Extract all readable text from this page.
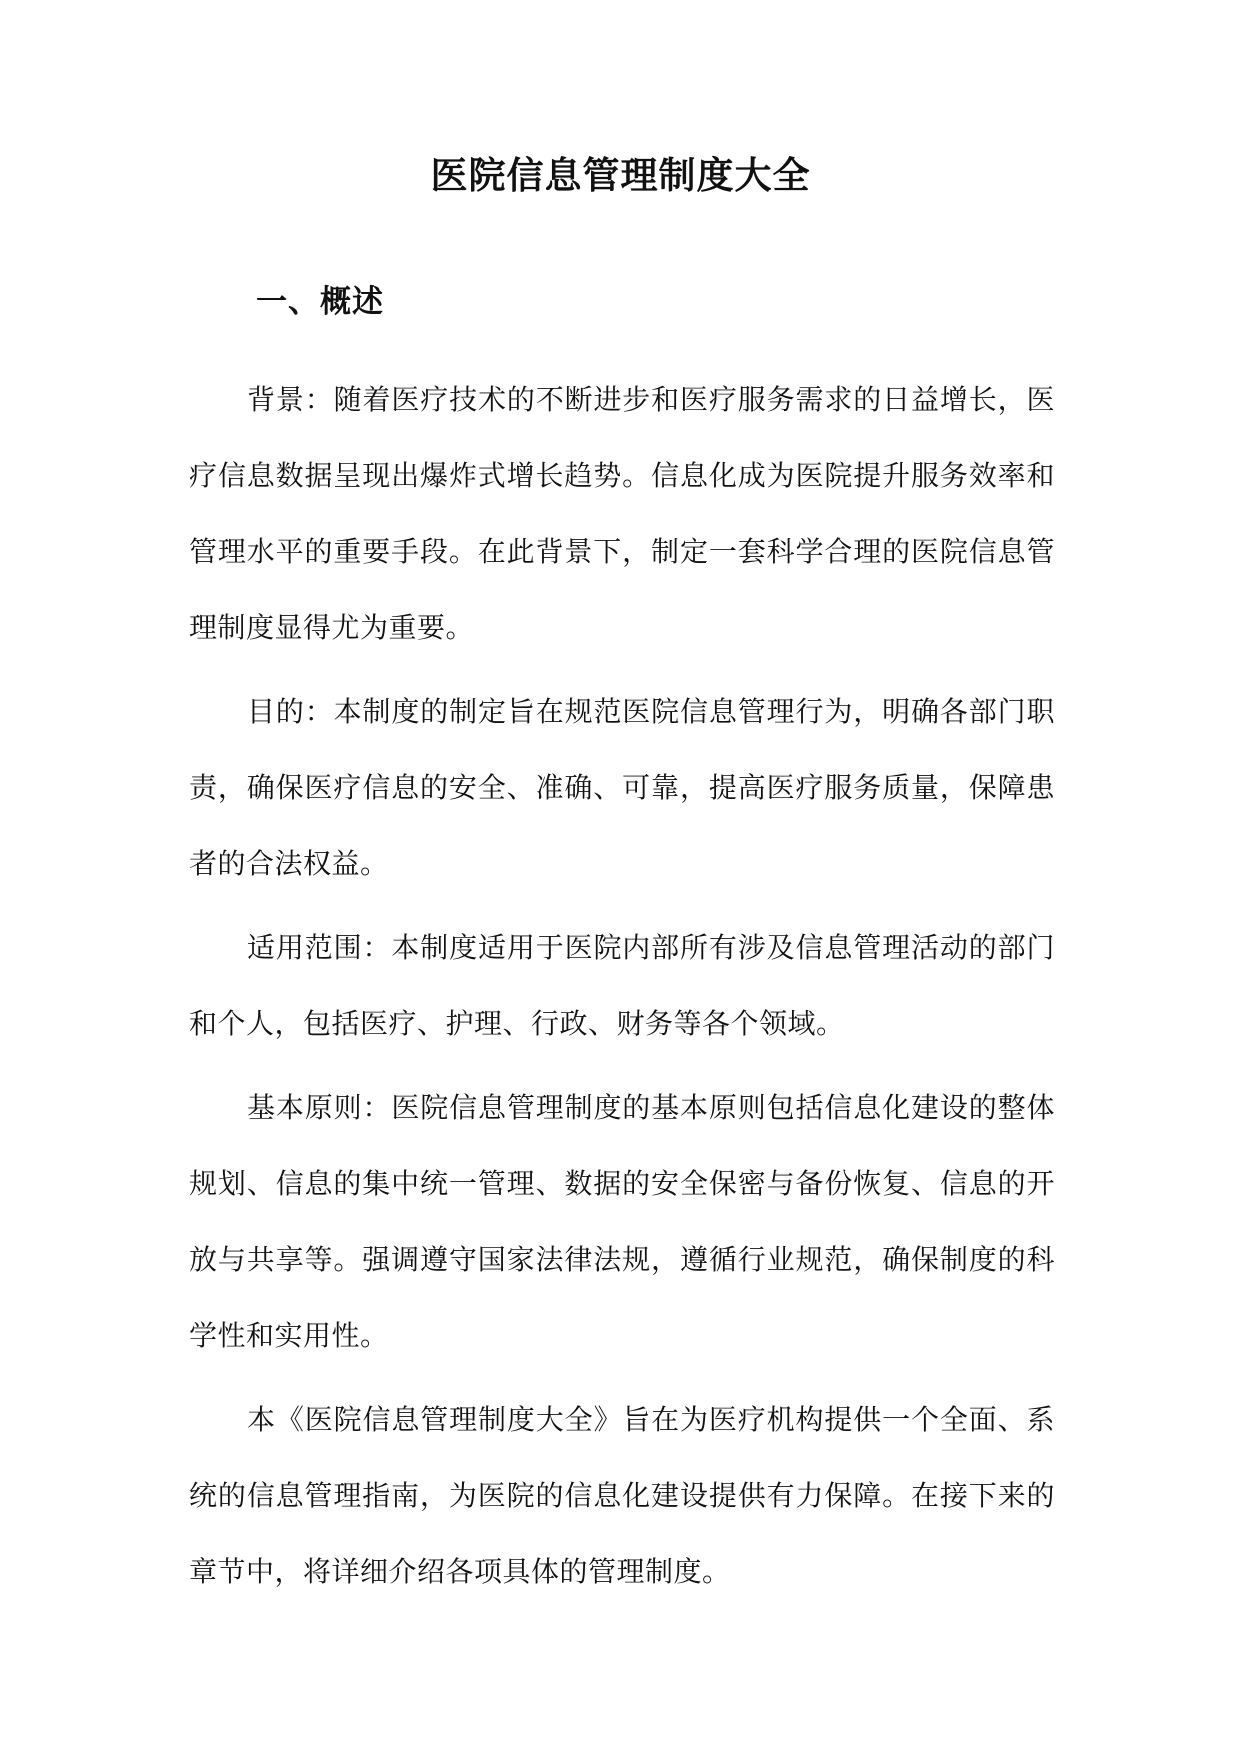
医院信息管理制度大全
一、概述

背景：随着医疗技术的不断进步和医疗服务需求的日益增长，医疗信息数据呈现出爆炸式增长趋势。信息化成为医院提升服务效率和管理水平的重要手段。在此背景下，制定一套科学合理的医院信息管理制度显得尤为重要。

目的：本制度的制定旨在规范医院信息管理行为，明确各部门职责，确保医疗信息的安全、准确、可靠，提高医疗服务质量，保障患者的合法权益。

适用范围：本制度适用于医院内部所有涉及信息管理活动的部门和个人，包括医疗、护理、行政、财务等各个领域。

基本原则：医院信息管理制度的基本原则包括信息化建设的整体规划、信息的集中统一管理、数据的安全保密与备份恢复、信息的开放与共享等。强调遵守国家法律法规，遵循行业规范，确保制度的科学性和实用性。

本《医院信息管理制度大全》旨在为医疗机构提供一个全面、系统的信息管理指南，为医院的信息化建设提供有力保障。在接下来的章节中，将详细介绍各项具体的管理制度。
